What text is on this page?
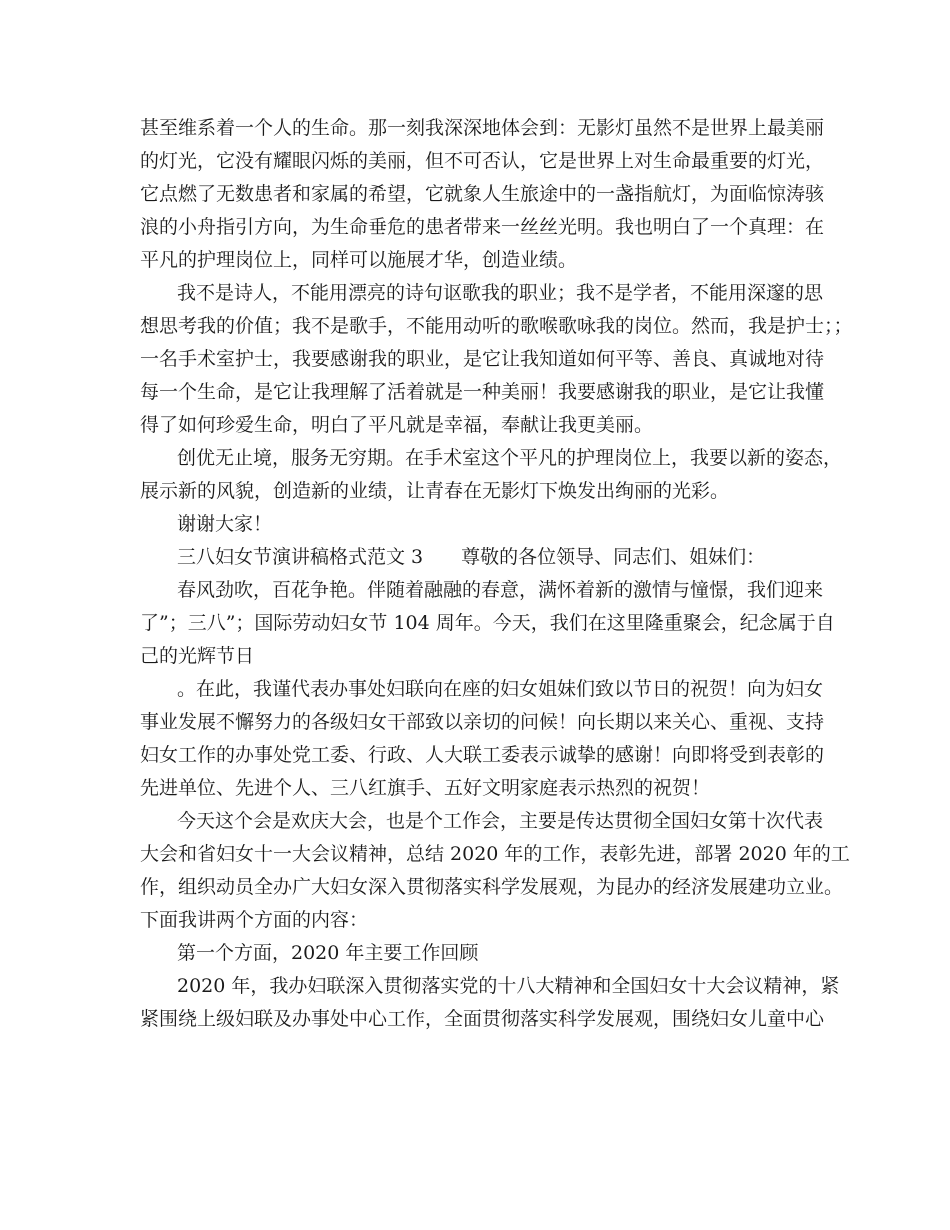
甚至维系着一个人的生命。那一刻我深深地体会到：无影灯虽然不是世界上最美丽
的灯光，它没有耀眼闪烁的美丽，但不可否认，它是世界上对生命最重要的灯光，
它点燃了无数患者和家属的希望，它就象人生旅途中的一盏指航灯，为面临惊涛骇
浪的小舟指引方向，为生命垂危的患者带来一丝丝光明。我也明白了一个真理：在
平凡的护理岗位上，同样可以施展才华，创造业绩。
我不是诗人，不能用漂亮的诗句讴歌我的职业；我不是学者，不能用深邃的思
想思考我的价值；我不是歌手，不能用动听的歌喉歌咏我的岗位。然而，我是护士；；
一名手术室护士，我要感谢我的职业，是它让我知道如何平等、善良、真诚地对待
每一个生命，是它让我理解了活着就是一种美丽！我要感谢我的职业，是它让我懂
得了如何珍爱生命，明白了平凡就是幸福，奉献让我更美丽。
创优无止境，服务无穷期。在手术室这个平凡的护理岗位上，我要以新的姿态，
展示新的风貌，创造新的业绩，让青春在无影灯下焕发出绚丽的光彩。
谢谢大家！
三八妇女节演讲稿格式范文 3　　尊敬的各位领导、同志们、姐妹们：
春风劲吹，百花争艳。伴随着融融的春意，满怀着新的激情与憧憬，我们迎来
了”；三八”；国际劳动妇女节 104 周年。今天，我们在这里隆重聚会，纪念属于自
己的光辉节日
。在此，我谨代表办事处妇联向在座的妇女姐妹们致以节日的祝贺！向为妇女
事业发展不懈努力的各级妇女干部致以亲切的问候！向长期以来关心、重视、支持
妇女工作的办事处党工委、行政、人大联工委表示诚挚的感谢！向即将受到表彰的
先进单位、先进个人、三八红旗手、五好文明家庭表示热烈的祝贺！
今天这个会是欢庆大会，也是个工作会，主要是传达贯彻全国妇女第十次代表
大会和省妇女十一大会议精神，总结 2020 年的工作，表彰先进，部署 2020 年的工
作，组织动员全办广大妇女深入贯彻落实科学发展观，为昆办的经济发展建功立业。
下面我讲两个方面的内容：
第一个方面，2020 年主要工作回顾
2020 年，我办妇联深入贯彻落实党的十八大精神和全国妇女十大会议精神，紧
紧围绕上级妇联及办事处中心工作，全面贯彻落实科学发展观，围绕妇女儿童中心
